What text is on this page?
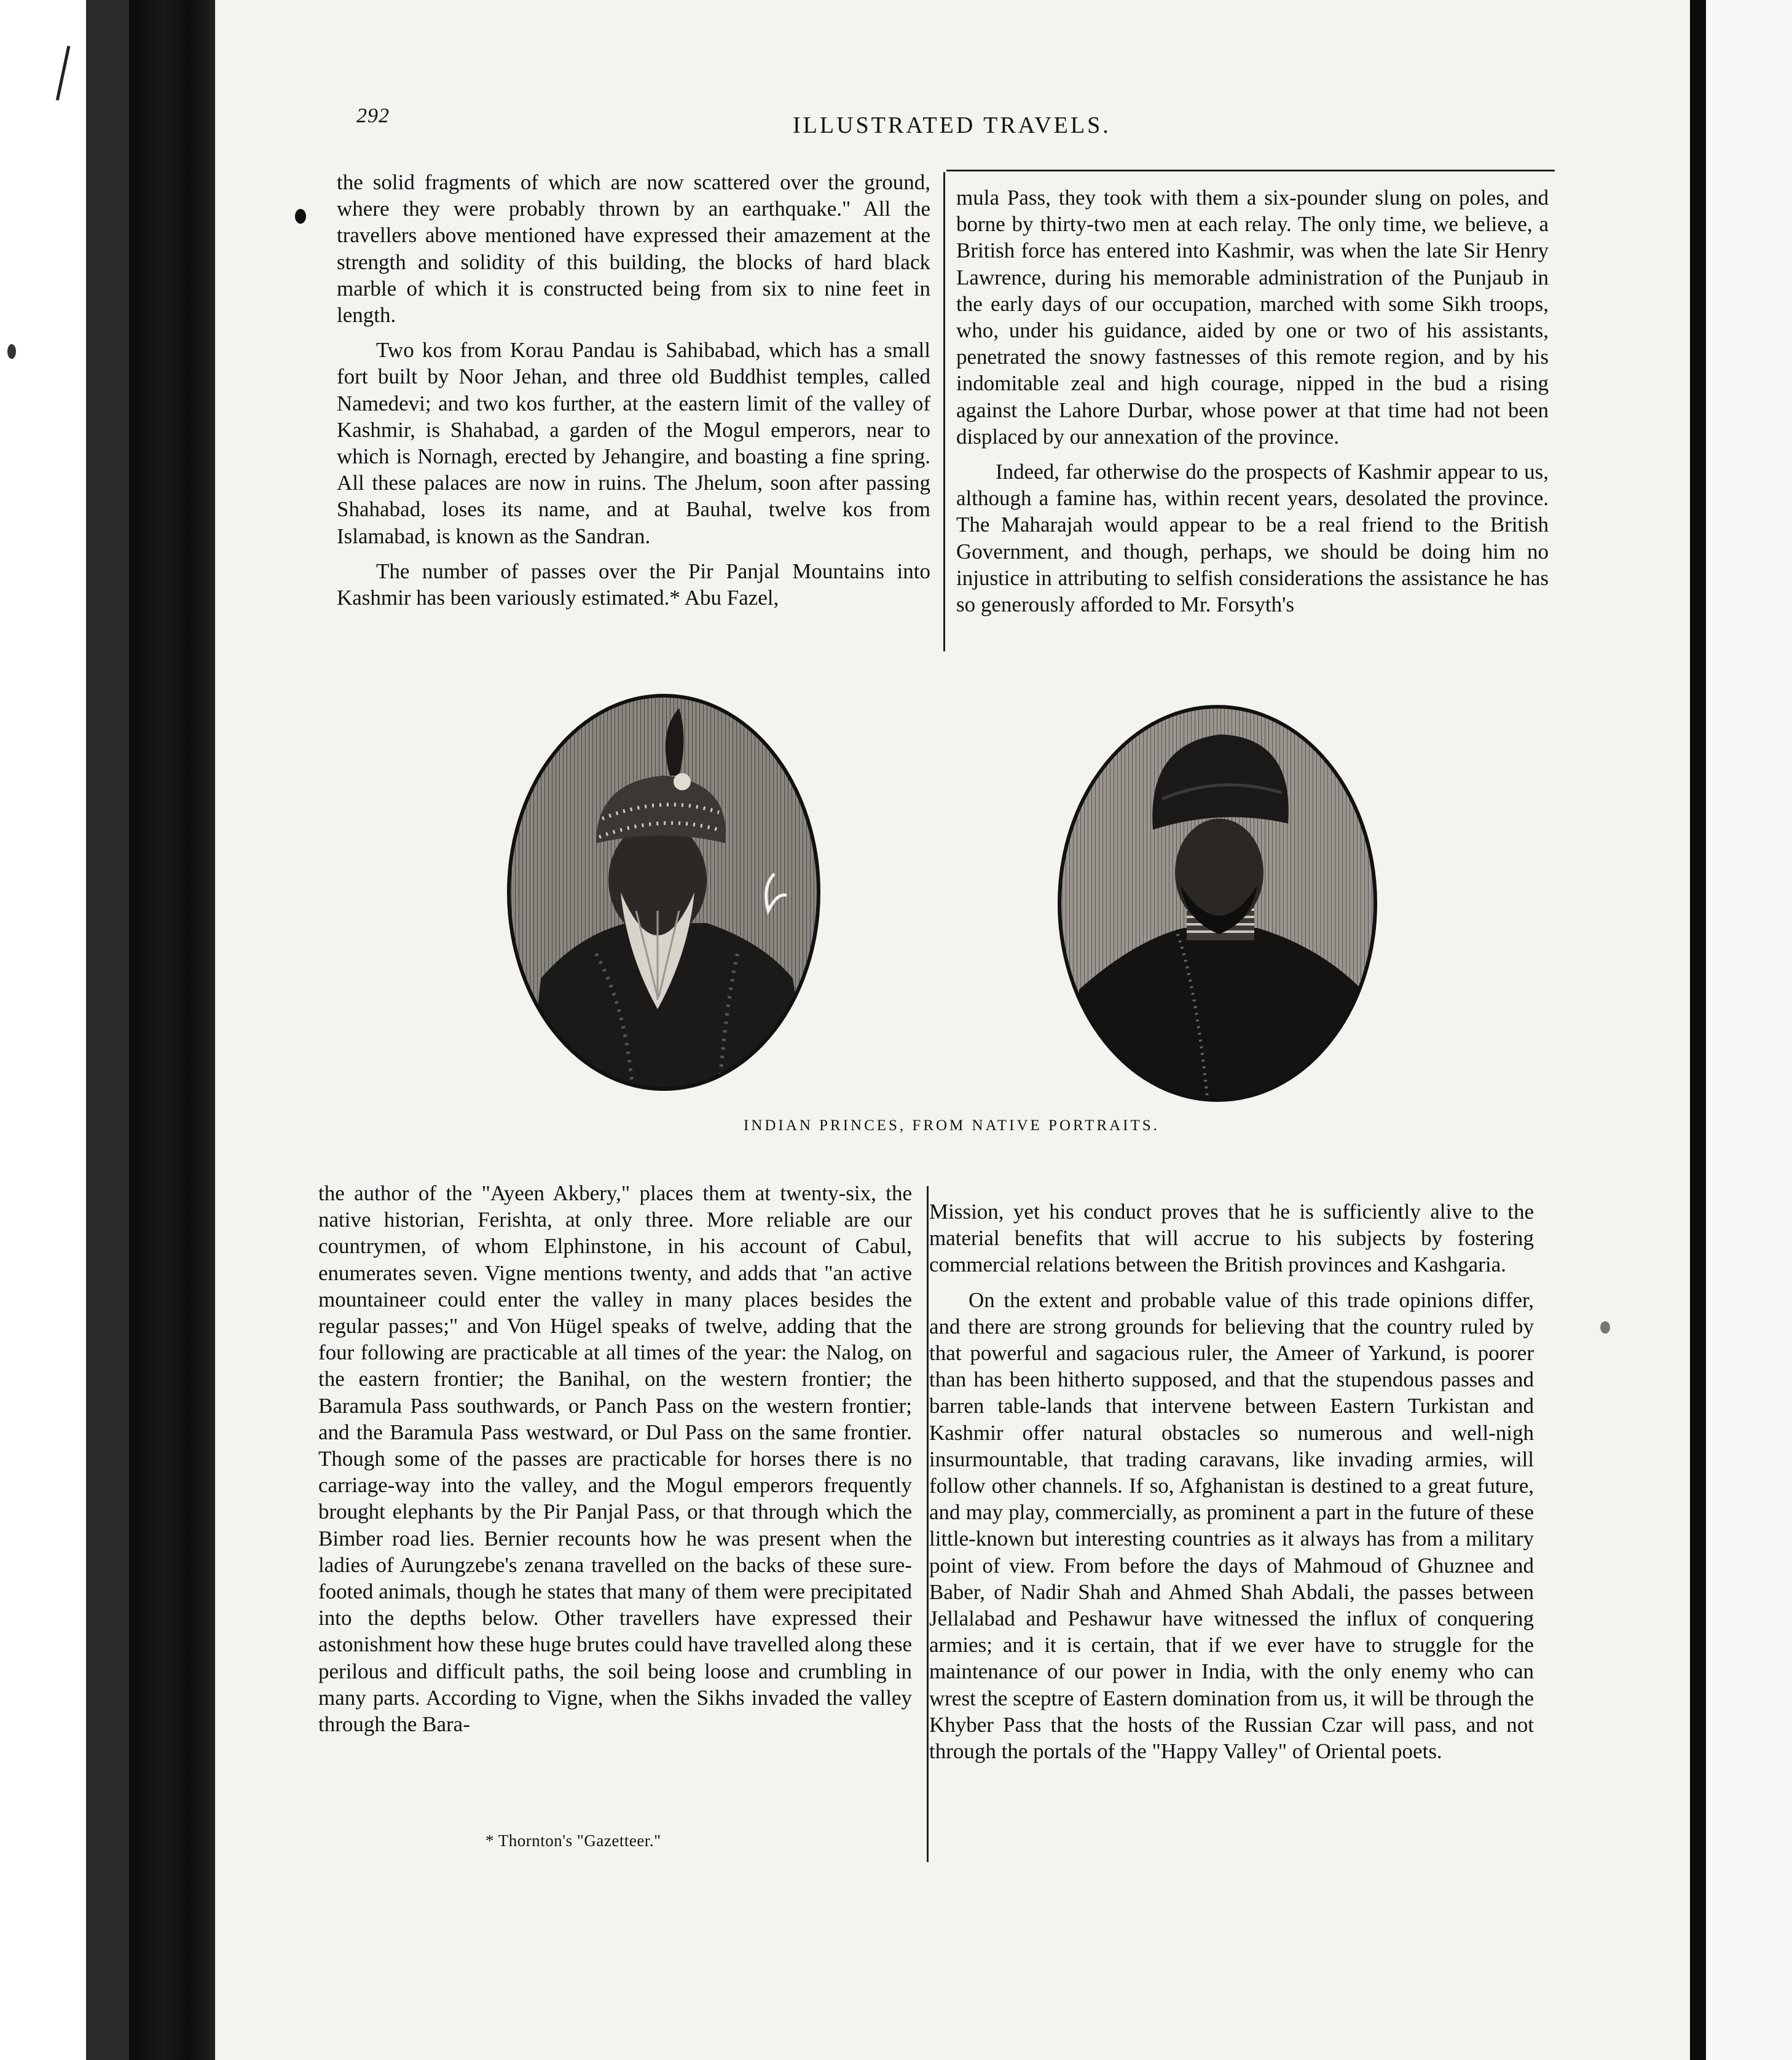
292	ILLUSTRATED TRAVELS.

the solid fragments of which are now scattered over the ground, where they were probably thrown by an earthquake." All the travellers above mentioned have expressed their amazement at the strength and solidity of this building, the blocks of hard black marble of which it is constructed being from six to nine feet in length.

Two kos from Korau Pandau is Sahibabad, which has a small fort built by Noor Jehan, and three old Buddhist temples, called Namedevi; and two kos further, at the eastern limit of the valley of Kashmir, is Shahabad, a garden of the Mogul emperors, near to which is Nornagh, erected by Jehangire, and boasting a fine spring. All these palaces are now in ruins. The Jhelum, soon after passing Shahabad, loses its name, and at Bauhal, twelve kos from Islamabad, is known as the Sandran.

The number of passes over the Pir Panjal Mountains into Kashmir has been variously estimated.* Abu Fazel,

mula Pass, they took with them a six-pounder slung on poles, and borne by thirty-two men at each relay. The only time, we believe, a British force has entered into Kashmir, was when the late Sir Henry Lawrence, during his memorable administration of the Punjaub in the early days of our occupation, marched with some Sikh troops, who, under his guidance, aided by one or two of his assistants, penetrated the snowy fastnesses of this remote region, and by his indomitable zeal and high courage, nipped in the bud a rising against the Lahore Durbar, whose power at that time had not been displaced by our annexation of the province.

Indeed, far otherwise do the prospects of Kashmir appear to us, although a famine has, within recent years, desolated the province. The Maharajah would appear to be a real friend to the British Government, and though, perhaps, we should be doing him no injustice in attributing to selfish considerations the assistance he has so generously afforded to Mr. Forsyth's

INDIAN PRINCES, FROM NATIVE PORTRAITS.

the author of the "Ayeen Akbery," places them at twenty-six, the native historian, Ferishta, at only three. More reliable are our countrymen, of whom Elphinstone, in his account of Cabul, enumerates seven. Vigne mentions twenty, and adds that "an active mountaineer could enter the valley in many places besides the regular passes;" and Von Hügel speaks of twelve, adding that the four following are practicable at all times of the year: the Nalog, on the eastern frontier; the Banihal, on the western frontier; the Baramula Pass southwards, or Panch Pass on the western frontier; and the Baramula Pass westward, or Dul Pass on the same frontier. Though some of the passes are practicable for horses there is no carriage-way into the valley, and the Mogul emperors frequently brought elephants by the Pir Panjal Pass, or that through which the Bimber road lies. Bernier recounts how he was present when the ladies of Aurungzebe's zenana travelled on the backs of these sure-footed animals, though he states that many of them were precipitated into the depths below. Other travellers have expressed their astonishment how these huge brutes could have travelled along these perilous and difficult paths, the soil being loose and crumbling in many parts. According to Vigne, when the Sikhs invaded the valley through the Bara-

* Thornton's "Gazetteer."

Mission, yet his conduct proves that he is sufficiently alive to the material benefits that will accrue to his subjects by fostering commercial relations between the British provinces and Kashgaria.

On the extent and probable value of this trade opinions differ, and there are strong grounds for believing that the country ruled by that powerful and sagacious ruler, the Ameer of Yarkund, is poorer than has been hitherto supposed, and that the stupendous passes and barren table-lands that intervene between Eastern Turkistan and Kashmir offer natural obstacles so numerous and well-nigh insurmountable, that trading caravans, like invading armies, will follow other channels. If so, Afghanistan is destined to a great future, and may play, commercially, as prominent a part in the future of these little-known but interesting countries as it always has from a military point of view. From before the days of Mahmoud of Ghuznee and Baber, of Nadir Shah and Ahmed Shah Abdali, the passes between Jellalabad and Peshawur have witnessed the influx of conquering armies; and it is certain, that if we ever have to struggle for the maintenance of our power in India, with the only enemy who can wrest the sceptre of Eastern domination from us, it will be through the Khyber Pass that the hosts of the Russian Czar will pass, and not through the portals of the "Happy Valley" of Oriental poets.
